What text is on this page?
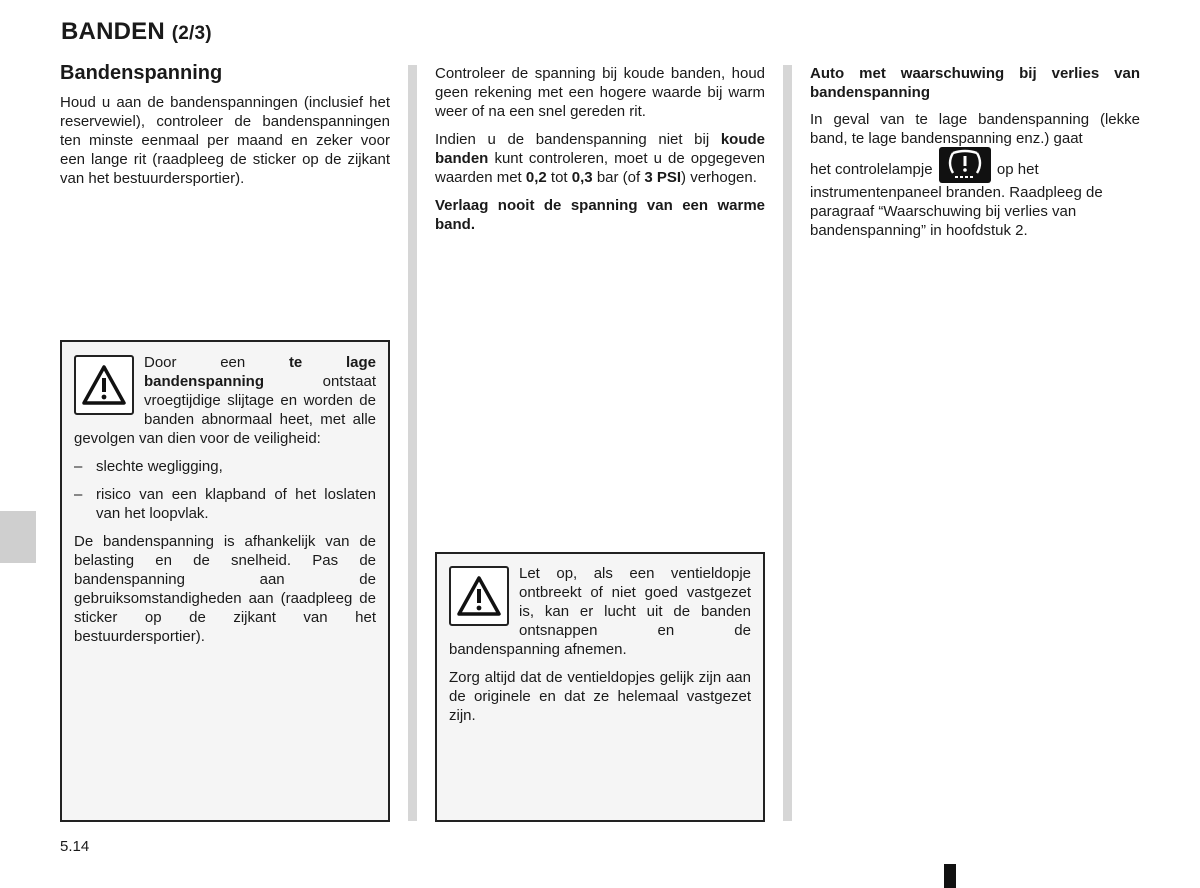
BANDEN (2/3)
Bandenspanning

Houd u aan de bandenspanningen (inclusief het reservewiel), controleer de bandenspanningen ten minste eenmaal per maand en zeker voor een lange rit (raadpleeg de sticker op de zijkant van het bestuurdersportier).

Door een	te lage bandenspanning	ontstaat vroegtijdige slijtage en worden de banden abnormaal heet, met alle gevolgen van dien voor de veiligheid:

– slechte wegligging,
– risico van een klapband of het loslaten van het loopvlak.

De bandenspanning is afhankelijk van de belasting en de snelheid. Pas de bandenspanning aan de gebruiksomstandigheden aan (raadpleeg de sticker op de zijkant van het bestuurdersportier).

Controleer de spanning bij koude banden, houd geen rekening met een hogere waarde bij warm weer of na een snel gereden rit.

Indien u de bandenspanning niet bij koude banden kunt controleren, moet u de opgegeven waarden met 0,2 tot 0,3 bar (of 3 PSI) verhogen.

Verlaag nooit de spanning van een warme band.

Let op, als een ventieldopje ontbreekt of niet goed vastgezet is, kan er lucht uit de banden ontsnappen en de bandenspanning afnemen.

Zorg altijd dat de ventieldopjes gelijk zijn aan de originele en dat ze helemaal vastgezet zijn.

Auto met waarschuwing bij verlies van bandenspanning

In geval van te lage bandenspanning (lekke band, te lage bandenspanning enz.) gaat

het controlelampje	op het instrumentenpaneel branden. Raadpleeg de paragraaf “Waarschuwing bij verlies van bandenspanning” in hoofdstuk 2.

5.14
